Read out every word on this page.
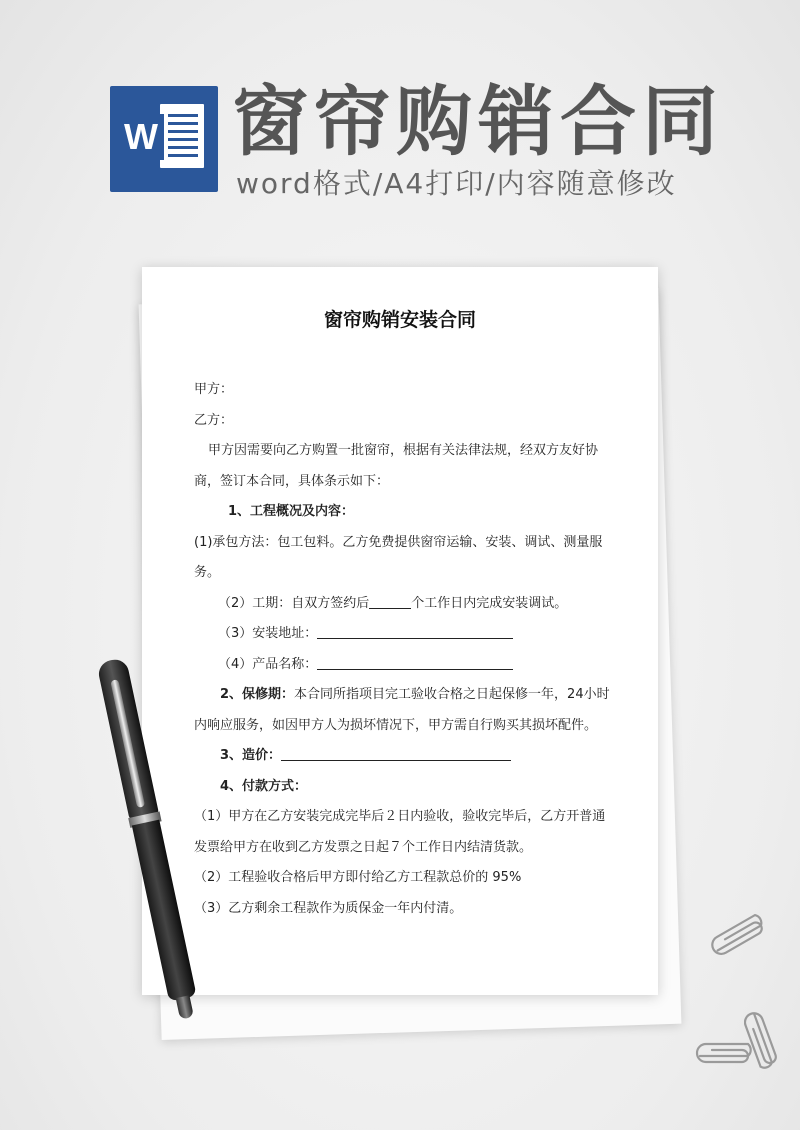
W 窗帘购销合同
word格式/A4打印/内容随意修改
窗帘购销安装合同

甲方：

乙方：

甲方因需要向乙方购置一批窗帘，根据有关法律法规，经双方友好协商，签订本合同，具体条示如下：

1、工程概况及内容：

(1)承包方法：包工包料。乙方免费提供窗帘运输、安装、调试、测量服务。

（2）工期：自双方签约后	个工作日内完成安装调试。

（3）安装地址：

（4）产品名称：

2、保修期：本合同所指项目完工验收合格之日起保修一年，24小时内响应服务，如因甲方人为损坏情况下，甲方需自行购买其损坏配件。

3、造价：

4、付款方式：

（1）甲方在乙方安装完成完毕后２日内验收，验收完毕后，乙方开普通发票给甲方在收到乙方发票之日起７个工作日内结清货款。

（2）工程验收合格后甲方即付给乙方工程款总价的 95%

（3）乙方剩余工程款作为质保金一年内付清。
